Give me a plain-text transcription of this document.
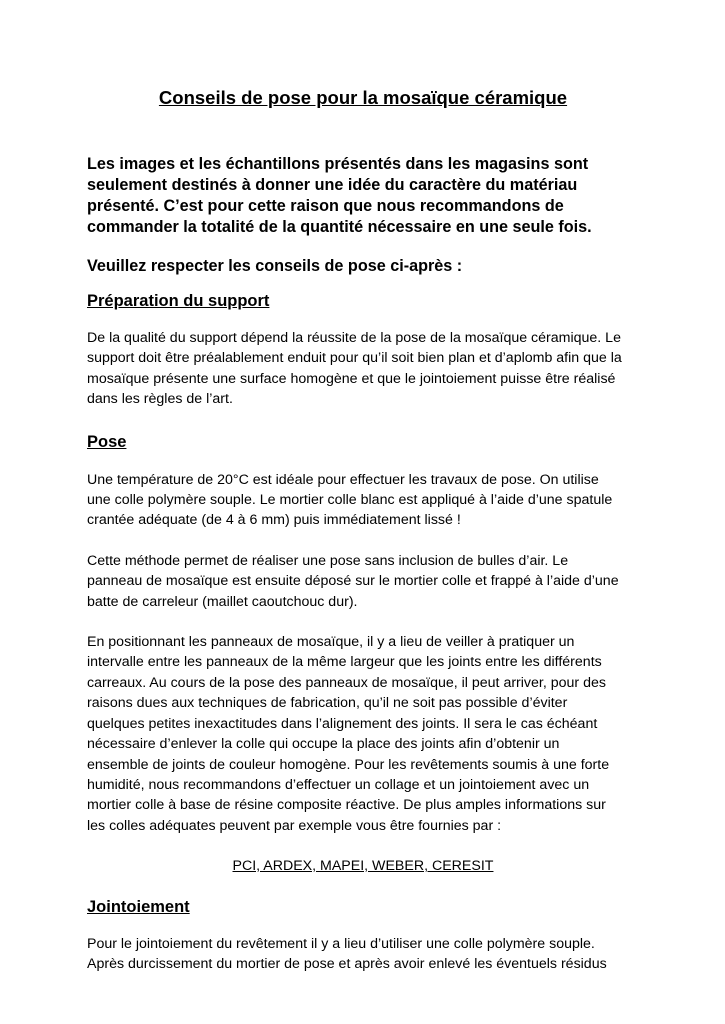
Conseils de pose pour la mosaïque céramique

Les images et les échantillons présentés dans les magasins sont
seulement destinés à donner une idée du caractère du matériau
présenté. C’est pour cette raison que nous recommandons de
commander la totalité de la quantité nécessaire en une seule fois.

Veuillez respecter les conseils de pose ci-après :

Préparation du support

De la qualité du support dépend la réussite de la pose de la mosaïque céramique. Le
support doit être préalablement enduit pour qu’il soit bien plan et d’aplomb afin que la
mosaïque présente une surface homogène et que le jointoiement puisse être réalisé
dans les règles de l’art.

Pose

Une température de 20°C est idéale pour effectuer les travaux de pose. On utilise
une colle polymère souple. Le mortier colle blanc est appliqué à l’aide d’une spatule
crantée adéquate (de 4 à 6 mm) puis immédiatement lissé !

Cette méthode permet de réaliser une pose sans inclusion de bulles d’air. Le
panneau de mosaïque est ensuite déposé sur le mortier colle et frappé à l’aide d’une
batte de carreleur (maillet caoutchouc dur).

En positionnant les panneaux de mosaïque, il y a lieu de veiller à pratiquer un
intervalle entre les panneaux de la même largeur que les joints entre les différents
carreaux. Au cours de la pose des panneaux de mosaïque, il peut arriver, pour des
raisons dues aux techniques de fabrication, qu’il ne soit pas possible d’éviter
quelques petites inexactitudes dans l’alignement des joints. Il sera le cas échéant
nécessaire d’enlever la colle qui occupe la place des joints afin d’obtenir un
ensemble de joints de couleur homogène. Pour les revêtements soumis à une forte
humidité, nous recommandons d’effectuer un collage et un jointoiement avec un
mortier colle à base de résine composite réactive. De plus amples informations sur
les colles adéquates peuvent par exemple vous être fournies par :

PCI, ARDEX, MAPEI, WEBER, CERESIT

Jointoiement

Pour le jointoiement du revêtement il y a lieu d’utiliser une colle polymère souple.
Après durcissement du mortier de pose et après avoir enlevé les éventuels résidus
